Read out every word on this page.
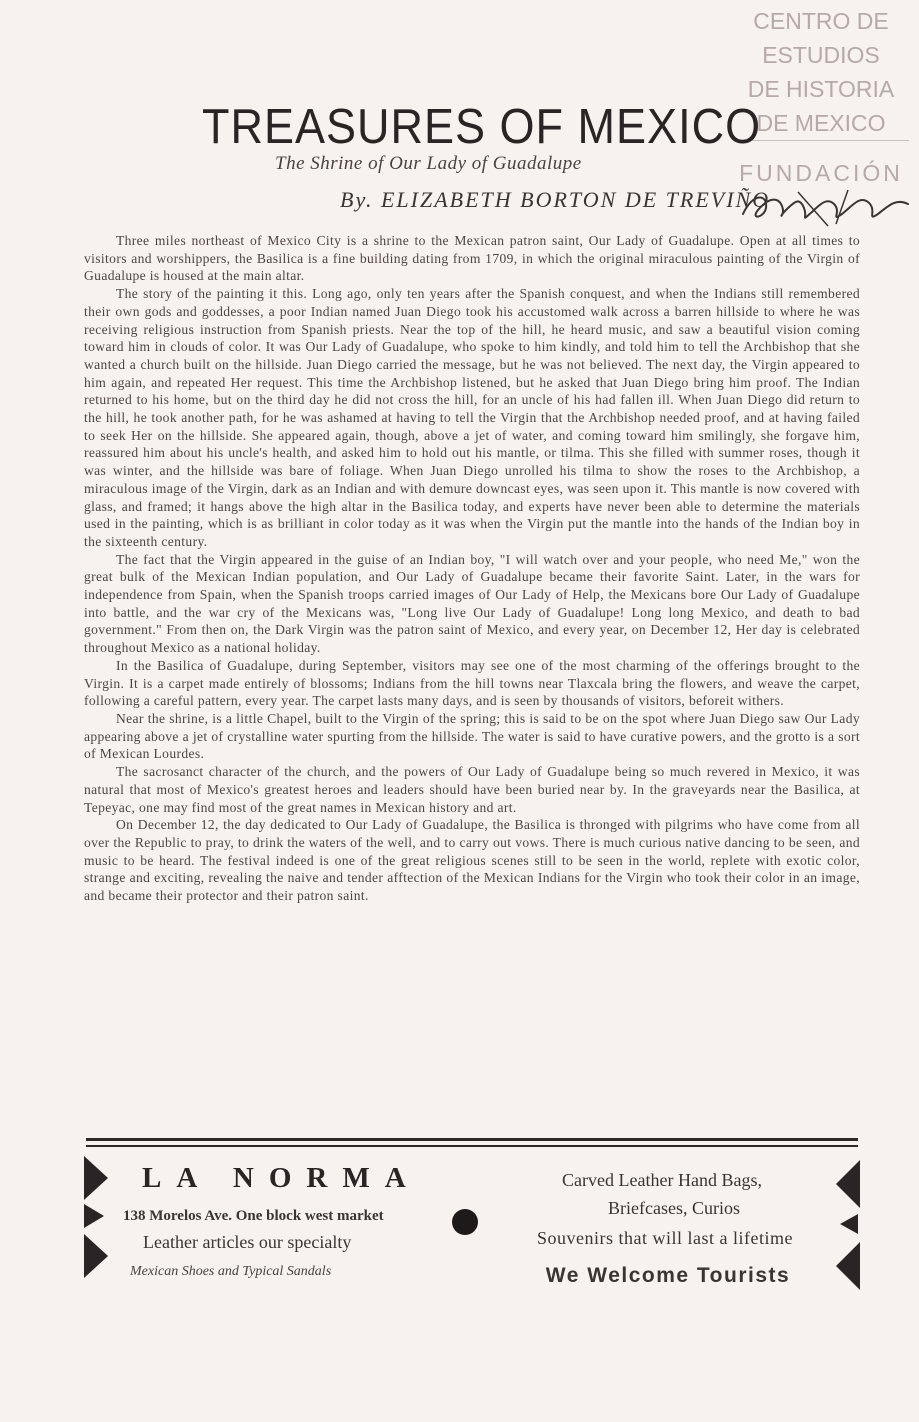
CENTRO DE
ESTUDIOS
DE HISTORIA
DE MEXICO
FUNDACIÓN
TREASURES OF MEXICO
The Shrine of Our Lady of Guadalupe
By. ELIZABETH BORTON DE TREVIÑO

Three miles northeast of Mexico City is a shrine to the Mexican patron saint, Our Lady of Guadalupe. Open at all times to visitors and worshippers, the Basilica is a fine building dating from 1709, in which the original miraculous painting of the Virgin of Guadalupe is housed at the main altar.

The story of the painting it this. Long ago, only ten years after the Spanish conquest, and when the Indians still remembered their own gods and goddesses, a poor Indian named Juan Diego took his accustomed walk across a barren hillside to where he was receiving religious instruction from Spanish priests. Near the top of the hill, he heard music, and saw a beautiful vision coming toward him in clouds of color. It was Our Lady of Guadalupe, who spoke to him kindly, and told him to tell the Archbishop that she wanted a church built on the hillside. Juan Diego carried the message, but he was not believed. The next day, the Virgin appeared to him again, and repeated Her request. This time the Archbishop listened, but he asked that Juan Diego bring him proof. The Indian returned to his home, but on the third day he did not cross the hill, for an uncle of his had fallen ill. When Juan Diego did return to the hill, he took another path, for he was ashamed at having to tell the Virgin that the Archbishop needed proof, and at having failed to seek Her on the hillside. She appeared again, though, above a jet of water, and coming toward him smilingly, she forgave him, reassured him about his uncle's health, and asked him to hold out his mantle, or tilma. This she filled with summer roses, though it was winter, and the hillside was bare of foliage. When Juan Diego unrolled his tilma to show the roses to the Archbishop, a miraculous image of the Virgin, dark as an Indian and with demure downcast eyes, was seen upon it. This mantle is now covered with glass, and framed; it hangs above the high altar in the Basilica today, and experts have never been able to determine the materials used in the painting, which is as brilliant in color today as it was when the Virgin put the mantle into the hands of the Indian boy in the sixteenth century.

The fact that the Virgin appeared in the guise of an Indian boy, "I will watch over and your people, who need Me," won the great bulk of the Mexican Indian population, and Our Lady of Guadalupe became their favorite Saint. Later, in the wars for independence from Spain, when the Spanish troops carried images of Our Lady of Help, the Mexicans bore Our Lady of Guadalupe into battle, and the war cry of the Mexicans was, "Long live Our Lady of Guadalupe! Long long Mexico, and death to bad government." From then on, the Dark Virgin was the patron saint of Mexico, and every year, on December 12, Her day is celebrated throughout Mexico as a national holiday.

In the Basilica of Guadalupe, during September, visitors may see one of the most charming of the offerings brought to the Virgin. It is a carpet made entirely of blossoms; Indians from the hill towns near Tlaxcala bring the flowers, and weave the carpet, following a careful pattern, every year. The carpet lasts many days, and is seen by thousands of visitors, beforeit withers.

Near the shrine, is a little Chapel, built to the Virgin of the spring; this is said to be on the spot where Juan Diego saw Our Lady appearing above a jet of crystalline water spurting from the hillside. The water is said to have curative powers, and the grotto is a sort of Mexican Lourdes.

The sacrosanct character of the church, and the powers of Our Lady of Guadalupe being so much revered in Mexico, it was natural that most of Mexico's greatest heroes and leaders should have been buried near by. In the graveyards near the Basilica, at Tepeyac, one may find most of the great names in Mexican history and art.

On December 12, the day dedicated to Our Lady of Guadalupe, the Basilica is thronged with pilgrims who have come from all over the Republic to pray, to drink the waters of the well, and to carry out vows. There is much curious native dancing to be seen, and music to be heard. The festival indeed is one of the great religious scenes still to be seen in the world, replete with exotic color, strange and exciting, revealing the naive and tender afftection of the Mexican Indians for the Virgin who took their color in an image, and became their protector and their patron saint.

LA NORMA
138 Morelos Ave. One block west market
Leather articles our specialty
Mexican Shoes and Typical Sandals
Carved Leather Hand Bags,
Briefcases, Curios
Souvenirs that will last a lifetime
We Welcome Tourists
